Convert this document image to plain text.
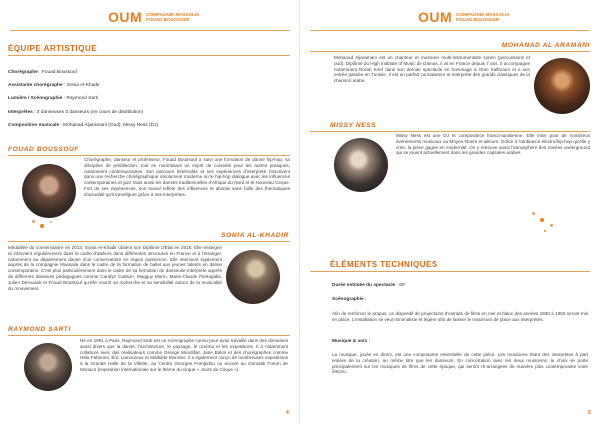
OUM COMPAGNIE MASSALIA
FOUAD BOUSSOUF
ÉQUIPE ARTISTIQUE
Chorégraphe : Fouad Boussouf
Assistante chorégraphe : Sonia Al-Khadir
Lumière / Scénographie : Raymond Sarti
Interprètes : 3 danseuses 3 danseurs (en cours de distribution)
Composition musicale : Mohanad Aljaramani (Oud), Missy Ness (DJ)
FOUAD BOUSSOUF
Chorégraphe, danseur et professeur, Fouad Boussouf a suivi une formation de danse hip-hop, sa discipline de prédilection, tout en nourrissant un esprit de curiosité pour les autres pratiques, notamment contemporaines. Son parcours hétéroclite et ses expériences d'interprète l'inscrivent dans une recherche chorégraphique résolument moderne où le hip-hop dialogue avec les influences contemporaines et jazz mais aussi les danses traditionnelles d'Afrique du Nord et le Nouveau Cirque. Fort de ses expériences, son travail reflète des influences et aborde sans faillir des thématiques d'actualité qu'il transfigure grâce à ses interprètes.
SONIA AL-KHADIR
Médaillée du conservatoire en 2013, Sonia Al-Khadir obtient son Diplôme d'État en 2015. Elle enseigne et intervient régulièrement dans le cadre d'ateliers dans différentes structures en France et à l'étranger, notamment au département danse d'un conservatoire en région parisienne. Elle intervient également auprès de la compagnie Massalia dans le cadre de la formation de ballet aux jeunes talents en danse contemporaine. C'est plus particulièrement dans le cadre de sa formation de danseuse-interprète auprès de différents danseurs pédagogues comme Carolyn Carlson, Magguy Marin, Marie-Claude Pietragalla, Julien Derouault et Fouad Boussouf qu'elle nourrit sa recherche et sa sensibilité autour de la musicalité du mouvement.
RAYMOND SARTI
Né en 1961 à Paris, Raymond Sarti est un scénographe connu pour avoir travaillé dans des domaines aussi divers que la danse, l'architecture, le paysage, le cinéma et les expositions. Il a notamment collaboré avec des réalisateurs comme George Mondifiat, Jane Birkin et des chorégraphes comme Héla Fattoumi, Éric Lamoureux et Mathilde Monnier. Il a également conçu de nombreuses expositions à la Grande Halle de la Villette, au Centre Georges Pompidou ou encore au Grimaldi Forum de Monaco (exposition internationale sur le thème du cirque « Jours de Cirque »).
4
OUM COMPAGNIE MASSALIA
FOUAD BOUSSOUF
MOHANAD AL ARAMANI
Mohanad Aljaramani est un chanteur et musicien multi-instrumentiste syrien (percussions et oud). Diplômé du High Institute of Music de Damas, il vit en France depuis 7 ans. Il accompagne notamment Norah Krief dans son dernier spectacle en hommage à Oum Kalthoum et a son entrée passée en Tunisie. Il est un parfait connaisseur et interprète des grands classiques de la chanson arabe.
MISSY NESS
Missy Ness est une DJ et compositrice franco-tunisienne. Elle mixe pour de nombreux événements musicaux au Moyen-Orient et ailleurs. Grâce à l'ambiance électro/hip-hop qu'elle y crée, la pièce gagne en modernité. On y retrouve aussi l'atmosphère des soirées underground qui se jouent actuellement dans les grandes capitales arabes.
ÉLÉMENTS TECHNIQUES
Durée estimée du spectacle : 60'
Scénographie :
Afin de renforcer le propos, un dispositif de projections d'extraits de films en noir et blanc des années 1930 à 1950 seront mis en place. L'installation se veut minimaliste et légère afin de laisser le maximum de place aux interprètes.
Musique & voix :
La musique, jouée en direct, est une composante essentielle de cette pièce. Les musiciens étant des interprètes à part entière de la création, au même titre que les danseurs. En concertation avec les deux musiciens, le choix se porte principalement sur les musiques de films de cette époque, qui seront ré-arrangées de manière plus contemporaine voire électro.
5
